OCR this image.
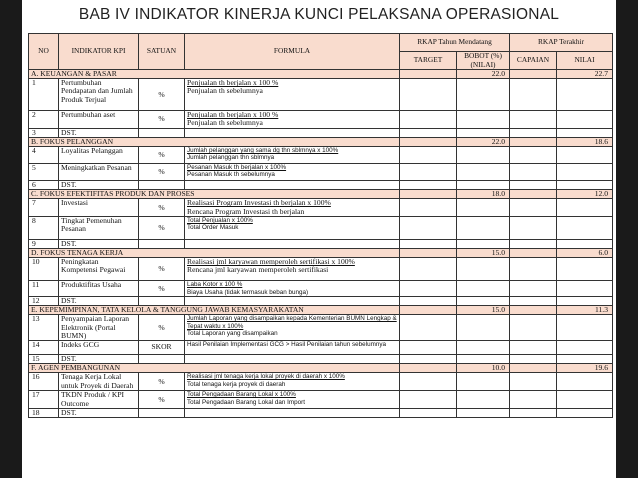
BAB IV INDIKATOR KINERJA KUNCI PELAKSANA OPERASIONAL
NO	INDIKATOR KPI	SATUAN	FORMULA	RKAP Tahun Mendatang		RKAP Terakhir	
				TARGET	BOBOT (%) (NILAI)	CAPAIAN	NILAI
A. KEUANGAN & PASAR					22.0		22.7
1	Pertumbuhan Pendapatan dan Jumlah Produk Terjual	%	Penjualan th berjalan x 100 %
Penjualan th sebelumnya				

2	Pertumbuhan aset	%	Penjualan th berjalan x 100 %
Penjualan th sebelumnya				

3	DST.		

B. FOKUS PELANGGAN					22.0		18.6
4	Loyalitas Pelanggan	%	Jumlah pelanggan yang sama dg thn sblmnya x 100%
Jumlah pelanggan thn sblmnya				

5	Meningkatkan Pesanan	%	Pesanan Masuk th berjalan x 100%
Pesanan Masuk th sebelumnya				

6	DST.		

C. FOKUS EFEKTIFITAS PRODUK DAN PROSES					18.0		12.0
7	Investasi	%	Realisasi Program Investasi th berjalan x 100%
Rencana Program Investasi th berjalan				

8	Tingkat Pemenuhan Pesanan	%	Total Penjualan x 100%
Total Order Masuk				

9	DST.		

D. FOKUS TENAGA KERJA					15.0		6.0
10	Peningkatan Kompetensi Pegawai	%	Realisasi jml karyawan memperoleh sertifikasi x 100%
Rencana jml karyawan memperoleh sertifikasi				

11	Produktifitas Usaha	%	Laba Kotor x 100 %
Biaya Usaha (tidak termasuk beban bunga)				

12	DST.		

E. KEPEMIMPINAN, TATA KELOLA & TANGGUNG JAWAB KEMASYARAKATAN					15.0		11.3
13	Penyampaian Laporan Elektronik (Portal BUMN)	%	Jumlah Laporan yang disampaikan kepada Kementerian BUMN Lengkap & Tepat waktu x 100%
Total Laporan yang disampaikan				

14	Indeks GCG	SKOR	Hasil Penilaian Implementasi GCG > Hasil Penilaian tahun sebelumnya				

15	DST.		

F. AGEN PEMBANGUNAN					10.0		19.6
16	Tenaga Kerja Lokal untuk Proyek di Daerah	%	Realisasi jml tenaga kerja lokal proyek di daerah x 100%
Total tenaga kerja proyek di daerah				

17	TKDN Produk / KPI Outcome	%	Total Pengadaan Barang Lokal x 100%
Total Pengadaan Barang Lokal dan Import				

18	DST.		
